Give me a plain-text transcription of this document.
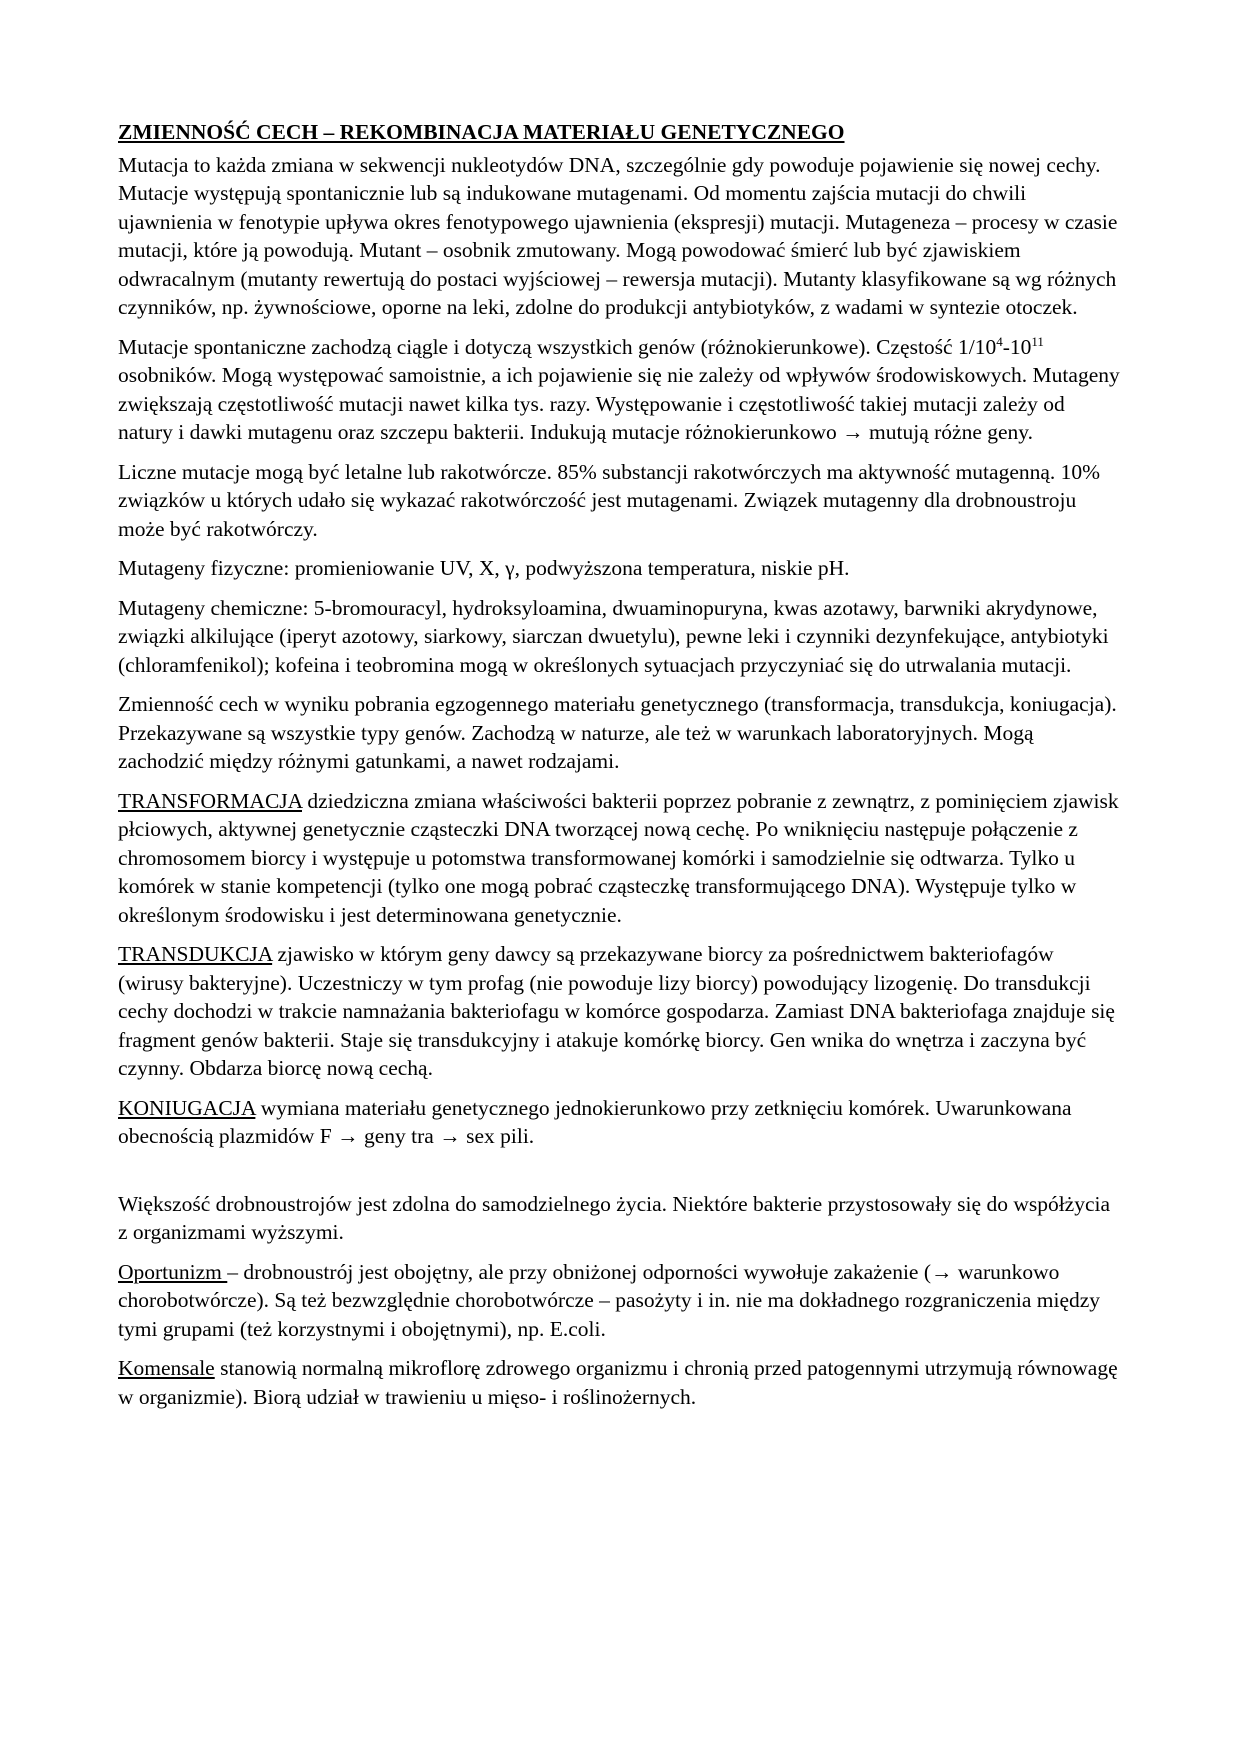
ZMIENNOŚĆ CECH – REKOMBINACJA MATERIAŁU GENETYCZNEGO

Mutacja to każda zmiana w sekwencji nukleotydów DNA, szczególnie gdy powoduje pojawienie się nowej cechy. Mutacje występują spontanicznie lub są indukowane mutagenami. Od momentu zajścia mutacji do chwili ujawnienia w fenotypie upływa okres fenotypowego ujawnienia (ekspresji) mutacji. Mutageneza – procesy w czasie mutacji, które ją powodują. Mutant – osobnik zmutowany. Mogą powodować śmierć lub być zjawiskiem odwracalnym (mutanty rewertują do postaci wyjściowej – rewersja mutacji). Mutanty klasyfikowane są wg różnych czynników, np. żywnościowe, oporne na leki, zdolne do produkcji antybiotyków, z wadami w syntezie otoczek.

Mutacje spontaniczne zachodzą ciągle i dotyczą wszystkich genów (różnokierunkowe). Częstość $1/10^4-10^{11}$ osobników. Mogą występować samoistnie, a ich pojawienie się nie zależy od wpływów środowiskowych. Mutageny zwiększają częstotliwość mutacji nawet kilka tys. razy. Występowanie i częstotliwość takiej mutacji zależy od natury i dawki mutagenu oraz szczepu bakterii. Indukują mutacje różnokierunkowo → mutują różne geny.

Liczne mutacje mogą być letalne lub rakotwórcze. 85% substancji rakotwórczych ma aktywność mutagenną. 10% związków u których udało się wykazać rakotwórczość jest mutagenami. Związek mutagenny dla drobnoustroju może być rakotwórczy.

Mutageny fizyczne: promieniowanie UV, X, γ, podwyższona temperatura, niskie pH.

Mutageny chemiczne: 5-bromouracyl, hydroksyloamina, dwuaminopuryna, kwas azotawy, barwniki akrydynowe, związki alkilujące (iperyt azotowy, siarkowy, siarczan dwuetylu), pewne leki i czynniki dezynfekujące, antybiotyki (chloramfenikol); kofeina i teobromina mogą w określonych sytuacjach przyczyniać się do utrwalania mutacji.

Zmienność cech w wyniku pobrania egzogennego materiału genetycznego (transformacja, transdukcja, koniugacja). Przekazywane są wszystkie typy genów. Zachodzą w naturze, ale też w warunkach laboratoryjnych. Mogą zachodzić między różnymi gatunkami, a nawet rodzajami.

TRANSFORMACJA dziedziczna zmiana właściwości bakterii poprzez pobranie z zewnątrz, z pominięciem zjawisk płciowych, aktywnej genetycznie cząsteczki DNA tworzącej nową cechę. Po wniknięciu następuje połączenie z chromosomem biorcy i występuje u potomstwa transformowanej komórki i samodzielnie się odtwarza. Tylko u komórek w stanie kompetencji (tylko one mogą pobrać cząsteczkę transformującego DNA). Występuje tylko w określonym środowisku i jest determinowana genetycznie.

TRANSDUKCJA zjawisko w którym geny dawcy są przekazywane biorcy za pośrednictwem bakteriofagów (wirusy bakteryjne). Uczestniczy w tym profag (nie powoduje lizy biorcy) powodujący lizogenię. Do transdukcji cechy dochodzi w trakcie namnażania bakteriofagu w komórce gospodarza. Zamiast DNA bakteriofaga znajduje się fragment genów bakterii. Staje się transdukcyjny i atakuje komórkę biorcy. Gen wnika do wnętrza i zaczyna być czynny. Obdarza biorcę nową cechą.

KONIUGACJA wymiana materiału genetycznego jednokierunkowo przy zetknięciu komórek. Uwarunkowana obecnością plazmidów F → geny tra → sex pili.

Większość drobnoustrojów jest zdolna do samodzielnego życia. Niektóre bakterie przystosowały się do współżycia z organizmami wyższymi.

Oportunizm – drobnoustrój jest obojętny, ale przy obniżonej odporności wywołuje zakażenie (→ warunkowo chorobotwórcze). Są też bezwzględnie chorobotwórcze – pasożyty i in. nie ma dokładnego rozgraniczenia między tymi grupami (też korzystnymi i obojętnymi), np. E.coli.

Komensale stanowią normalną mikroflorę zdrowego organizmu i chronią przed patogennymi utrzymują równowagę w organizmie). Biorą udział w trawieniu u mięso- i roślinożernych.
